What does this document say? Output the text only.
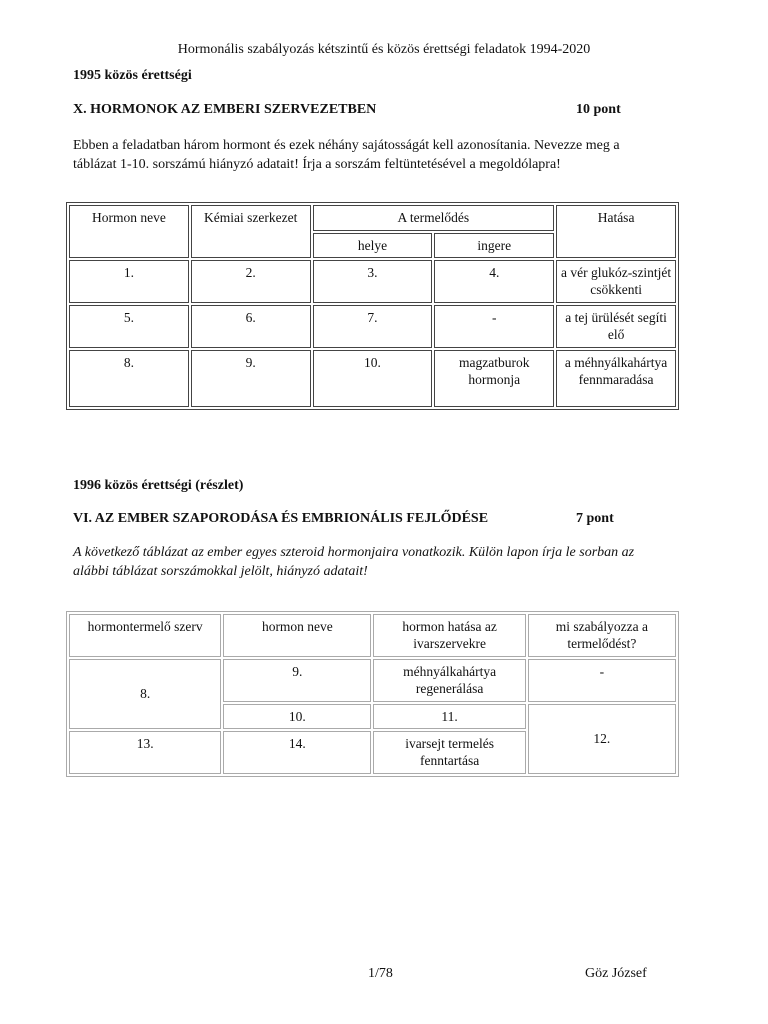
Hormonális szabályozás kétszintű és közös érettségi feladatok 1994-2020
1995 közös érettségi
X. HORMONOK AZ EMBERI SZERVEZETBEN	10 pont
Ebben a feladatban három hormont és ezek néhány sajátosságát kell azonosítania. Nevezze meg a
táblázat 1-10. sorszámú hiányzó adatait! Írja a sorszám feltüntetésével a megoldólapra!
Hormon neve	Kémiai szerkezet	A termelődés		Hatása
		helye	ingere	
1.	2.	3.	4.	a vér glukóz-szintjét csökkenti
5.	6.	7.	-	a tej ürülését segíti elő
8.	9.	10.	magzatburok hormonja	a méhnyálkahártya fennmaradása
1996 közös érettségi (részlet)
VI. AZ EMBER SZAPORODÁSA ÉS EMBRIONÁLIS FEJLŐDÉSE	7 pont
A következő táblázat az ember egyes szteroid hormonjaira vonatkozik. Külön lapon írja le sorban az
alábbi táblázat sorszámokkal jelölt, hiányzó adatait!
hormontermelő szerv	hormon neve	hormon hatása az ivarszervekre	mi szabályozza a termelődést?
8.	9.	méhnyálkahártya regenerálása	-
	10.	11.	12.
13.	14.	ivarsejt termelés fenntartása	
1/78	Göz József
